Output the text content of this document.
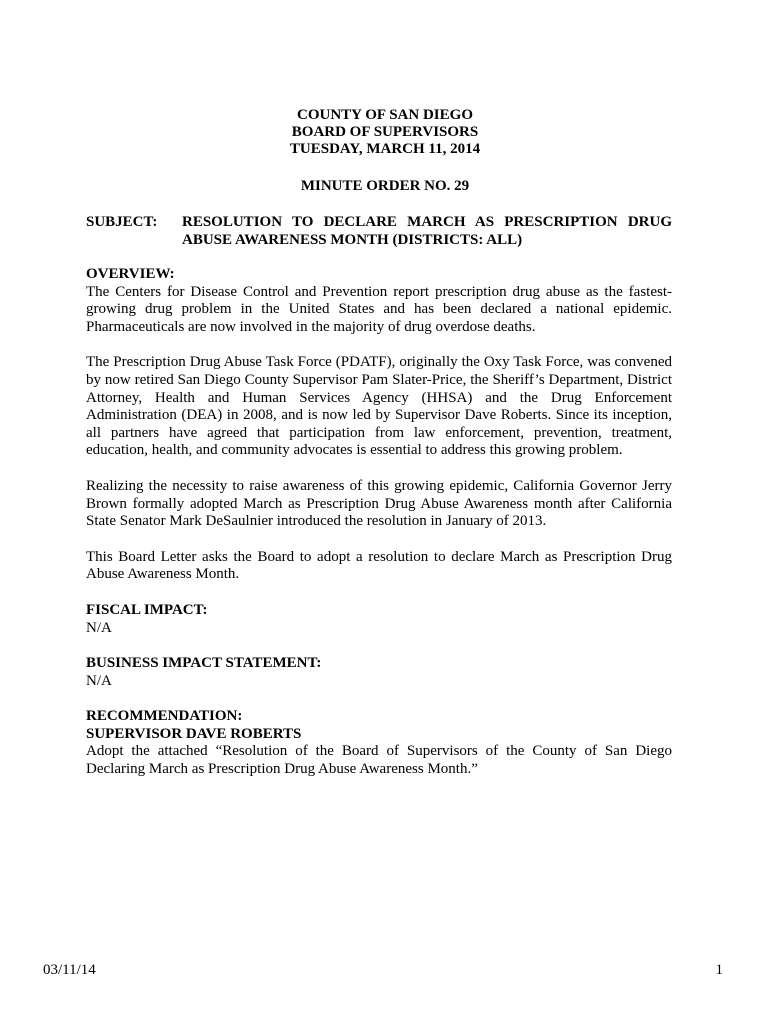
COUNTY OF SAN DIEGO
BOARD OF SUPERVISORS
TUESDAY, MARCH 11, 2014
MINUTE ORDER NO. 29
SUBJECT:	RESOLUTION TO DECLARE MARCH AS PRESCRIPTION DRUG ABUSE AWARENESS MONTH (DISTRICTS: ALL)
OVERVIEW:

The Centers for Disease Control and Prevention report prescription drug abuse as the fastest-growing drug problem in the United States and has been declared a national epidemic. Pharmaceuticals are now involved in the majority of drug overdose deaths.

The Prescription Drug Abuse Task Force (PDATF), originally the Oxy Task Force, was convened by now retired San Diego County Supervisor Pam Slater-Price, the Sheriff’s Department, District Attorney, Health and Human Services Agency (HHSA) and the Drug Enforcement Administration (DEA) in 2008, and is now led by Supervisor Dave Roberts. Since its inception, all partners have agreed that participation from law enforcement, prevention, treatment, education, health, and community advocates is essential to address this growing problem.

Realizing the necessity to raise awareness of this growing epidemic, California Governor Jerry Brown formally adopted March as Prescription Drug Abuse Awareness month after California State Senator Mark DeSaulnier introduced the resolution in January of 2013.

This Board Letter asks the Board to adopt a resolution to declare March as Prescription Drug Abuse Awareness Month.

FISCAL IMPACT:

N/A

BUSINESS IMPACT STATEMENT:

N/A

RECOMMENDATION:
SUPERVISOR DAVE ROBERTS

Adopt the attached “Resolution of the Board of Supervisors of the County of San Diego Declaring March as Prescription Drug Abuse Awareness Month.”

03/11/14	1
